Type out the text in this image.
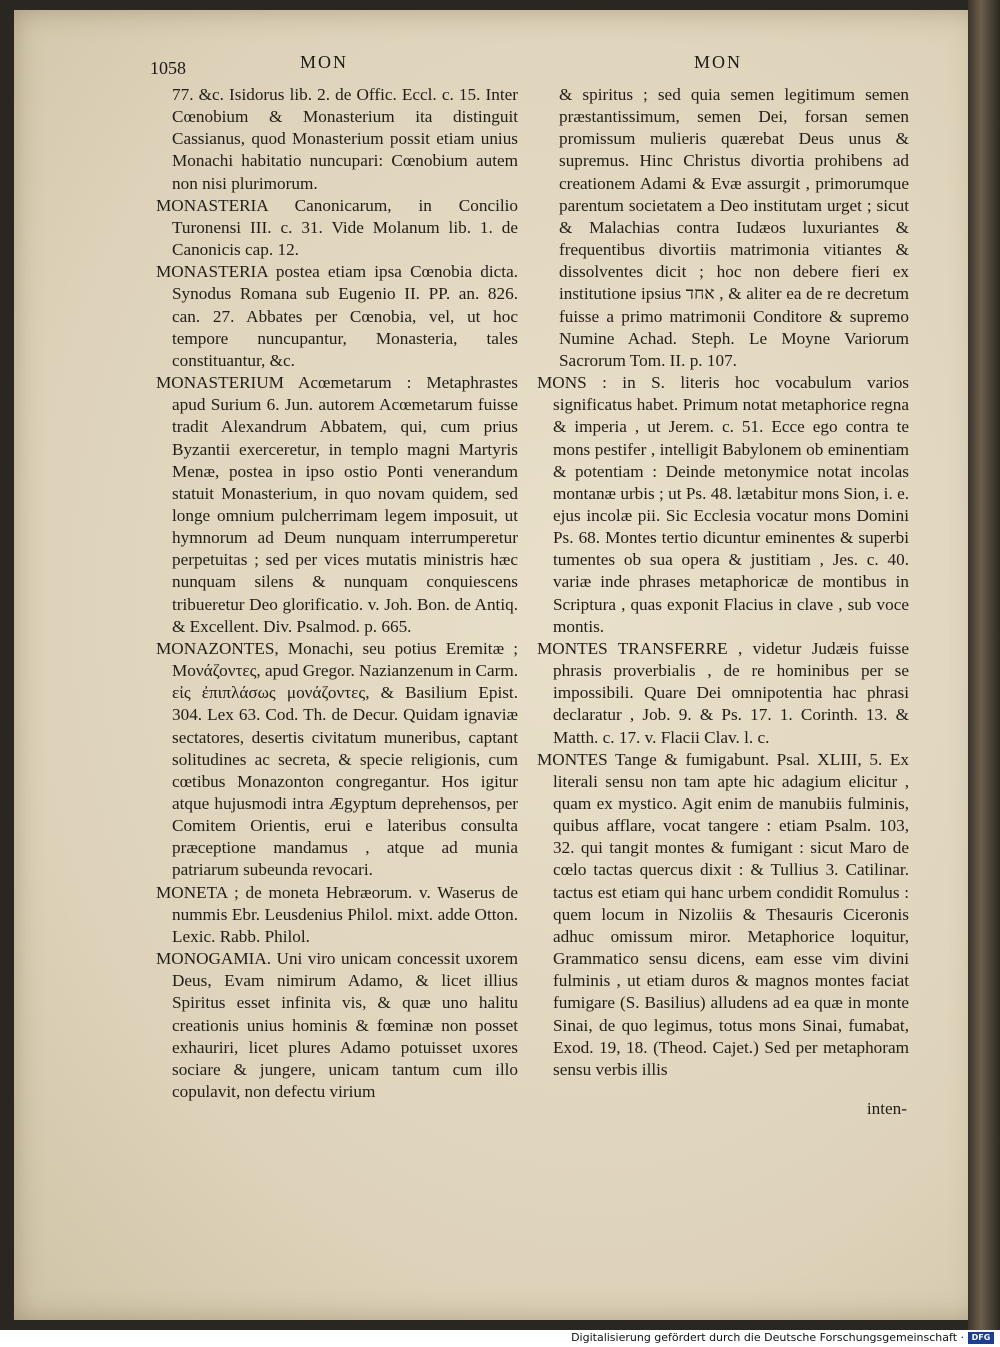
1058	MON	MON

77. &c. Isidorus lib. 2. de Offic. Eccl. c. 15. Inter Cœnobium & Monasterium ita distinguit Cassianus, quod Monasterium possit etiam unius Monachi habitatio nuncupari: Cœnobium autem non nisi plurimorum.

MONASTERIA Canonicarum, in Concilio Turonensi III. c. 31. Vide Molanum lib. 1. de Canonicis cap. 12.

MONASTERIA postea etiam ipsa Cœnobia dicta. Synodus Romana sub Eugenio II. PP. an. 826. can. 27. Abbates per Cœnobia, vel, ut hoc tempore nuncupantur, Monasteria, tales constituantur, &c.

MONASTERIUM Acœmetarum : Metaphrastes apud Surium 6. Jun. autorem Acœmetarum fuisse tradit Alexandrum Abbatem, qui, cum prius Byzantii exerceretur, in templo magni Martyris Menæ, postea in ipso ostio Ponti venerandum statuit Monasterium, in quo novam quidem, sed longe omnium pulcherrimam legem imposuit, ut hymnorum ad Deum nunquam interrumperetur perpetuitas ; sed per vices mutatis ministris hæc nunquam silens & nunquam conquiescens tribueretur Deo glorificatio. v. Joh. Bon. de Antiq. & Excellent. Div. Psalmod. p. 665.

MONAZONTES, Monachi, seu potius Eremitæ ; Μονάζοντες, apud Gregor. Nazianzenum in Carm. εἰς ἐπιπλάσως μονάζοντες, & Basilium Epist. 304. Lex 63. Cod. Th. de Decur. Quidam ignaviæ sectatores, desertis civitatum muneribus, captant solitudines ac secreta, & specie religionis, cum cœtibus Monazonton congregantur. Hos igitur atque hujusmodi intra Ægyptum deprehensos, per Comitem Orientis, erui e lateribus consulta præceptione mandamus , atque ad munia patriarum subeunda revocari.

MONETA ; de moneta Hebræorum. v. Waserus de nummis Ebr. Leusdenius Philol. mixt. adde Otton. Lexic. Rabb. Philol.

MONOGAMIA. Uni viro unicam concessit uxorem Deus, Evam nimirum Adamo, & licet illius Spiritus esset infinita vis, & quæ uno halitu creationis unius hominis & fœminæ non posset exhauriri, licet plures Adamo potuisset uxores sociare & jungere, unicam tantum cum illo copulavit, non defectu virium

& spiritus ; sed quia semen legitimum semen præstantissimum, semen Dei, forsan semen promissum mulieris quærebat Deus unus & supremus. Hinc Christus divortia prohibens ad creationem Adami & Evæ assurgit , primorumque parentum societatem a Deo institutam urget ; sicut & Malachias contra Iudæos luxuriantes & frequentibus divortiis matrimonia vitiantes & dissolventes dicit ; hoc non debere fieri ex institutione ipsius אחד , & aliter ea de re decretum fuisse a primo matrimonii Conditore & supremo Numine Achad. Steph. Le Moyne Variorum Sacrorum Tom. II. p. 107.

MONS : in S. literis hoc vocabulum varios significatus habet. Primum notat metaphorice regna & imperia , ut Jerem. c. 51. Ecce ego contra te mons pestifer , intelligit Babylonem ob eminentiam & potentiam : Deinde metonymice notat incolas montanæ urbis ; ut Ps. 48. lætabitur mons Sion, i. e. ejus incolæ pii. Sic Ecclesia vocatur mons Domini Ps. 68. Montes tertio dicuntur eminentes & superbi tumentes ob sua opera & justitiam , Jes. c. 40. variæ inde phrases metaphoricæ de montibus in Scriptura , quas exponit Flacius in clave , sub voce montis.

MONTES TRANSFERRE , videtur Judæis fuisse phrasis proverbialis , de re hominibus per se impossibili. Quare Dei omnipotentia hac phrasi declaratur , Job. 9. & Ps. 17. 1. Corinth. 13. & Matth. c. 17. v. Flacii Clav. l. c.

MONTES Tange & fumigabunt. Psal. XLIII, 5. Ex literali sensu non tam apte hic adagium elicitur , quam ex mystico. Agit enim de manubiis fulminis, quibus afflare, vocat tangere : etiam Psalm. 103, 32. qui tangit montes & fumigant : sicut Maro de cœlo tactas quercus dixit : & Tullius 3. Catilinar. tactus est etiam qui hanc urbem condidit Romulus : quem locum in Nizoliis & Thesauris Ciceronis adhuc omissum miror. Metaphorice loquitur, Grammatico sensu dicens, eam esse vim divini fulminis , ut etiam duros & magnos montes faciat fumigare (S. Basilius) alludens ad ea quæ in monte Sinai, de quo legimus, totus mons Sinai, fumabat, Exod. 19, 18. (Theod. Cajet.) Sed per metaphoram sensu verbis illis

inten-

Digitalisierung gefördert durch die Deutsche Forschungsgemeinschaft · DFG
